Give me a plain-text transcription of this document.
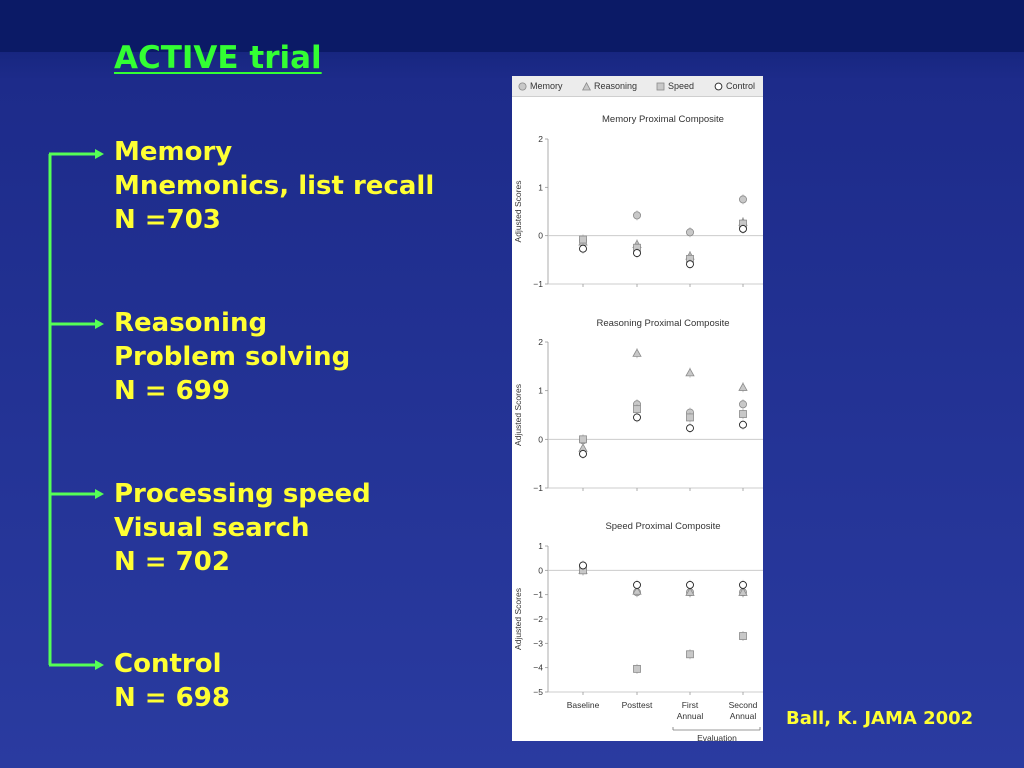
ACTIVE trial
Memory
Mnemonics, list recall
N =703
Reasoning
Problem solving
N = 699
Processing speed
Visual search
N = 702
Control
N = 698
Memory	Reasoning	Speed	Control
Memory Proximal Composite
2
1
0
−1
Adjusted Scores
Reasoning Proximal Composite
2
1
0
−1
Adjusted Scores
Speed Proximal Composite
1
0
−1
−2
−3
−4
−5
Adjusted Scores
Baseline	Posttest	First
Annual
Second
Annual
Evaluation
Ball, K. JAMA 2002
